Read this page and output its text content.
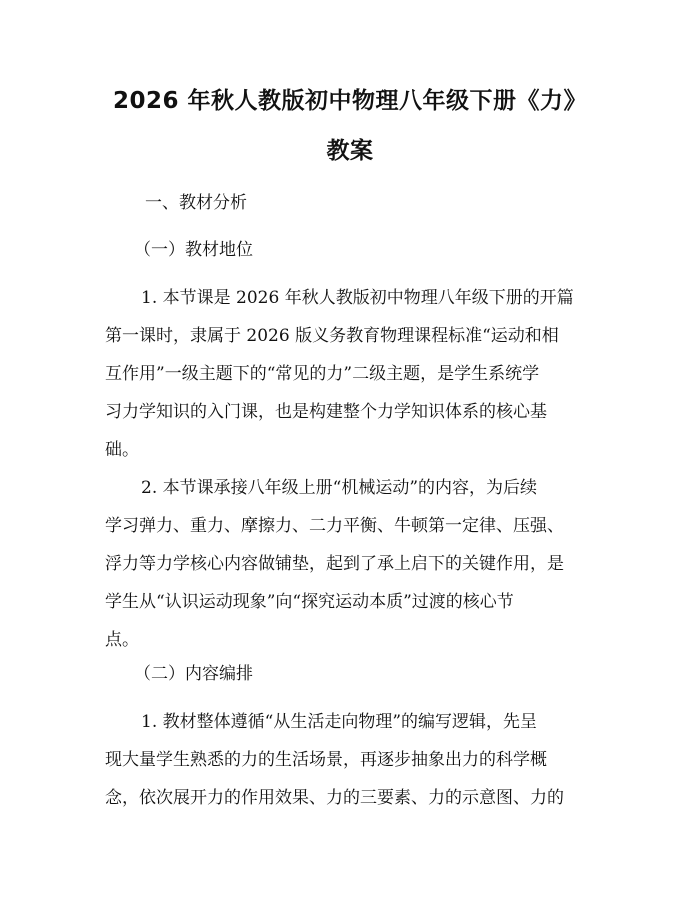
2026 年秋人教版初中物理八年级下册《力》
教案

一、教材分析

（一）教材地位

1. 本节课是 2026 年秋人教版初中物理八年级下册的开篇
第一课时，隶属于 2026 版义务教育物理课程标准“运动和相
互作用”一级主题下的“常见的力”二级主题，是学生系统学
习力学知识的入门课，也是构建整个力学知识体系的核心基
础。
2. 本节课承接八年级上册“机械运动”的内容，为后续
学习弹力、重力、摩擦力、二力平衡、牛顿第一定律、压强、
浮力等力学核心内容做铺垫，起到了承上启下的关键作用，是
学生从“认识运动现象”向“探究运动本质”过渡的核心节
点。

（二）内容编排

1. 教材整体遵循“从生活走向物理”的编写逻辑，先呈
现大量学生熟悉的力的生活场景，再逐步抽象出力的科学概
念，依次展开力的作用效果、力的三要素、力的示意图、力的
